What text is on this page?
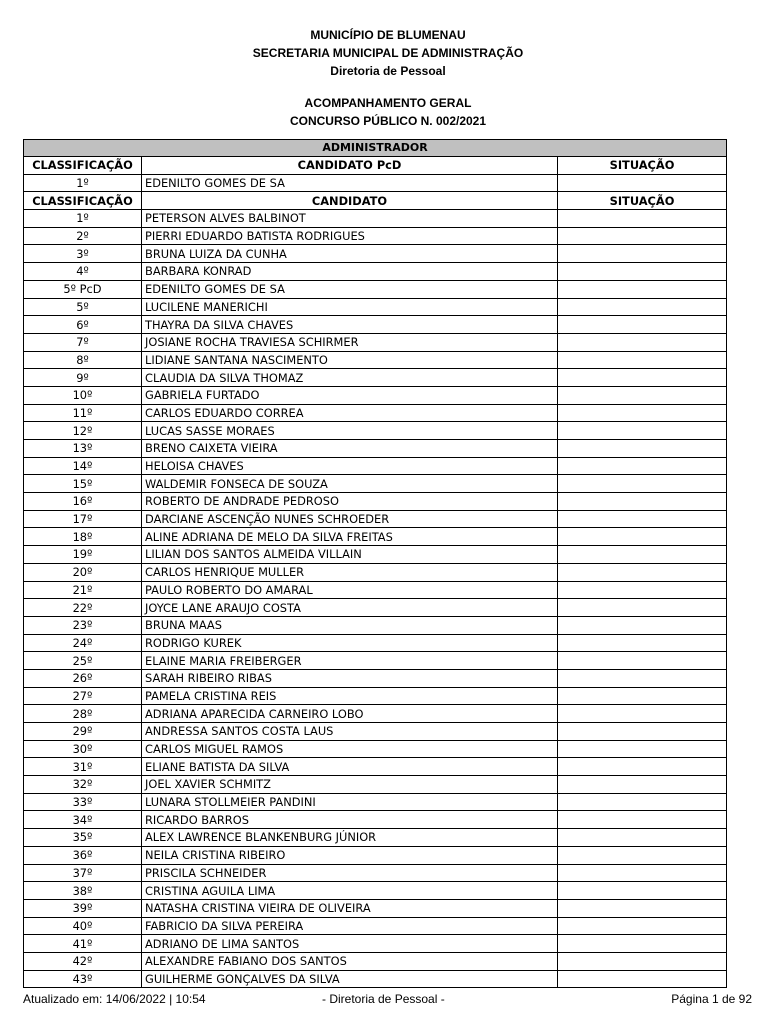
MUNICÍPIO DE BLUMENAU
SECRETARIA MUNICIPAL DE ADMINISTRAÇÃO
Diretoria de Pessoal
ACOMPANHAMENTO GERAL
CONCURSO PÚBLICO N. 002/2021
ADMINISTRADOR		
CLASSIFICAÇÃO	CANDIDATO PcD	SITUAÇÃO
1º	EDENILTO GOMES DE SA	
CLASSIFICAÇÃO	CANDIDATO	SITUAÇÃO
1º	PETERSON ALVES BALBINOT	
2º	PIERRI EDUARDO BATISTA RODRIGUES	
3º	BRUNA LUIZA DA CUNHA	
4º	BARBARA KONRAD	
5º PcD	EDENILTO GOMES DE SA	
5º	LUCILENE MANERICHI	
6º	THAYRA DA SILVA CHAVES	
7º	JOSIANE ROCHA TRAVIESA SCHIRMER	
8º	LIDIANE SANTANA NASCIMENTO	
9º	CLAUDIA DA SILVA THOMAZ	
10º	GABRIELA FURTADO	
11º	CARLOS EDUARDO CORREA	
12º	LUCAS SASSE MORAES	
13º	BRENO CAIXETA VIEIRA	
14º	HELOISA CHAVES	
15º	WALDEMIR FONSECA DE SOUZA	
16º	ROBERTO DE ANDRADE PEDROSO	
17º	DARCIANE ASCENÇÃO NUNES SCHROEDER	
18º	ALINE ADRIANA DE MELO DA SILVA FREITAS	
19º	LILIAN DOS SANTOS ALMEIDA VILLAIN	
20º	CARLOS HENRIQUE MULLER	
21º	PAULO ROBERTO DO AMARAL	
22º	JOYCE LANE ARAUJO COSTA	
23º	BRUNA MAAS	
24º	RODRIGO KUREK	
25º	ELAINE MARIA FREIBERGER	
26º	SARAH RIBEIRO RIBAS	
27º	PAMELA CRISTINA REIS	
28º	ADRIANA APARECIDA CARNEIRO LOBO	
29º	ANDRESSA SANTOS COSTA LAUS	
30º	CARLOS MIGUEL RAMOS	
31º	ELIANE BATISTA DA SILVA	
32º	JOEL XAVIER SCHMITZ	
33º	LUNARA STOLLMEIER PANDINI	
34º	RICARDO BARROS	
35º	ALEX LAWRENCE BLANKENBURG JÚNIOR	
36º	NEILA CRISTINA RIBEIRO	
37º	PRISCILA SCHNEIDER	
38º	CRISTINA AGUILA LIMA	
39º	NATASHA CRISTINA VIEIRA DE OLIVEIRA	
40º	FABRICIO DA SILVA PEREIRA	
41º	ADRIANO DE LIMA SANTOS	
42º	ALEXANDRE FABIANO DOS SANTOS	
43º	GUILHERME GONÇALVES DA SILVA	
Atualizado em: 14/06/2022 | 10:54	- Diretoria de Pessoal -	Página 1 de 92
